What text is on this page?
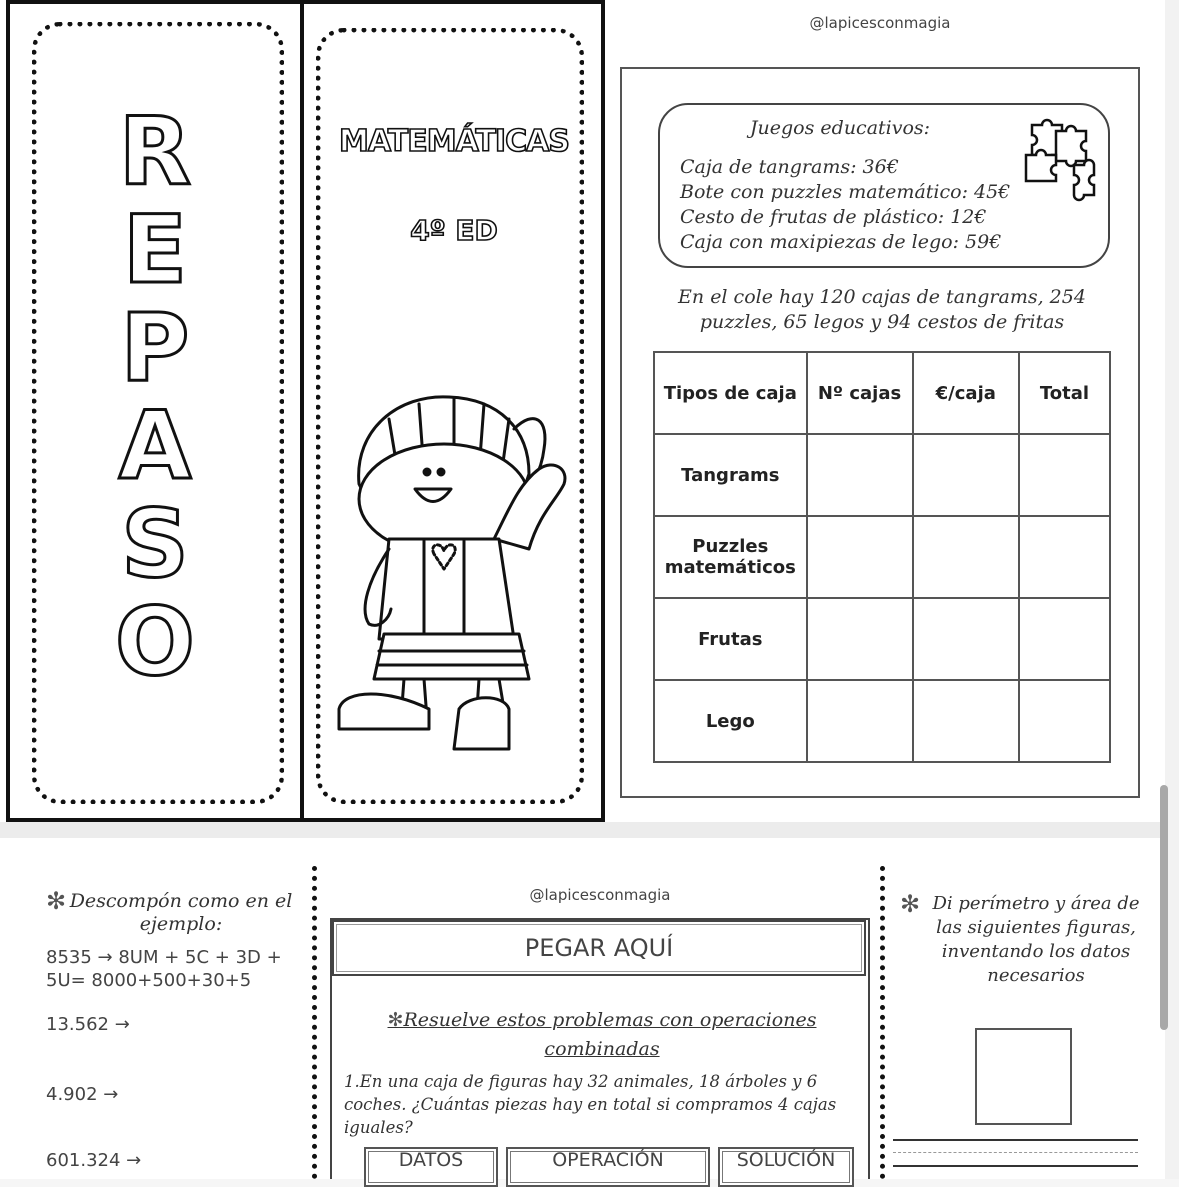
R
E
P
A
S
O
MATEMÁTICAS
4º ED
@lapicesconmagia
Juegos educativos:
Caja de tangrams: 36€
Bote con puzzles matemático: 45€
Cesto de frutas de plástico: 12€
Caja con maxipiezas de lego: 59€
En el cole hay 120 cajas de tangrams, 254 puzzles, 65 legos y 94 cestos de fritas
Tipos de caja	Nº cajas	€/caja	Total
Tangrams			
Puzzles matemáticos			
Frutas			
Lego			
✻ Descompón como en el ejemplo:
8535 → 8UM + 5C + 3D +
5U= 8000+500+30+5
13.562 →
4.902 →
601.324 →
@lapicesconmagia
PEGAR AQUÍ
✻Resuelve estos problemas con operaciones combinadas
1.En una caja de figuras hay 32 animales, 18 árboles y 6 coches. ¿Cuántas piezas hay en total si compramos 4 cajas iguales?
DATOS	OPERACIÓN	SOLUCIÓN
✻ Di perímetro y área de las siguientes figuras, inventando los datos necesarios
